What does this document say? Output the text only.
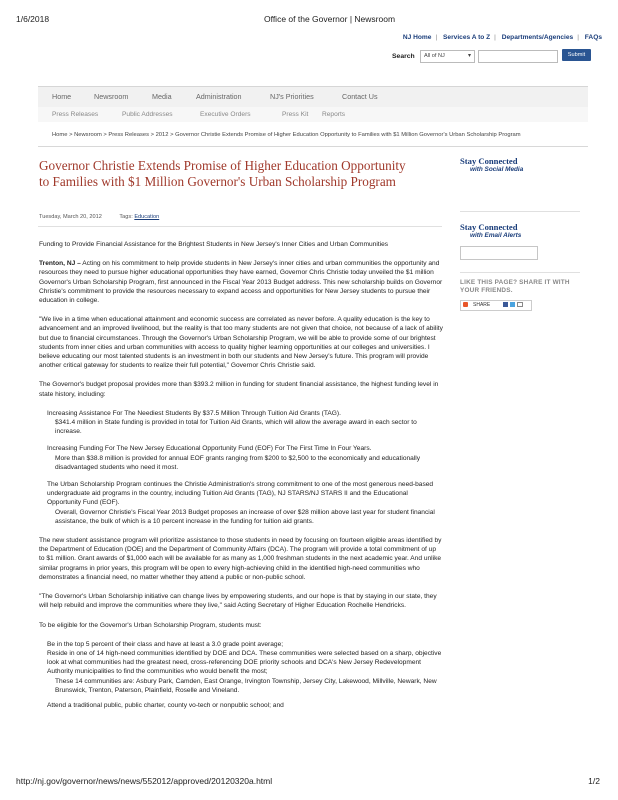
1/6/2018	Office of the Governor | Newsroom
NJ Home | Services A to Z | Departments/Agencies | FAQs
Search	All of NJ	▾	Submit
Home	Newsroom	Media	Administration	NJ's Priorities	Contact Us
Press Releases	Public Addresses	Executive Orders	Press Kit Reports
Home > Newsroom > Press Releases > 2012 > Governor Christie Extends Promise of Higher Education Opportunity to Families with $1 Million Governor's Urban Scholarship Program
Governor Christie Extends Promise of Higher Education Opportunity to Families with $1 Million Governor's Urban Scholarship Program
Tuesday, March 20, 2012	Tags: Education

Funding to Provide Financial Assistance for the Brightest Students in New Jersey's Inner Cities and Urban Communities

Trenton, NJ – Acting on his commitment to help provide students in New Jersey's inner cities and urban communities the opportunity and resources they need to pursue higher educational opportunities they have earned, Governor Chris Christie today unveiled the $1 million Governor's Urban Scholarship Program, first announced in the Fiscal Year 2013 Budget address. This new scholarship builds on Governor Christie's commitment to provide the resources necessary to expand access and opportunities for New Jersey students to pursue their education in college.

"We live in a time when educational attainment and economic success are correlated as never before. A quality education is the key to advancement and an improved livelihood, but the reality is that too many students are not given that choice, not because of a lack of ability but due to financial circumstances. Through the Governor's Urban Scholarship Program, we will be able to provide some of our brightest students from inner cities and urban communities with access to quality higher learning opportunities at our colleges and universities. I believe educating our most talented students is an investment in both our students and New Jersey's future. This program will provide another critical gateway for students to realize their full potential," Governor Chris Christie said.

The Governor's budget proposal provides more than $393.2 million in funding for student financial assistance, the highest funding level in state history, including:

Increasing Assistance For The Neediest Students By $37.5 Million Through Tuition Aid Grants (TAG).
$341.4 million in State funding is provided in total for Tuition Aid Grants, which will allow the average award in each sector to increase.
Increasing Funding For The New Jersey Educational Opportunity Fund (EOF) For The First Time In Four Years.
More than $38.8 million is provided for annual EOF grants ranging from $200 to $2,500 to the economically and educationally disadvantaged students who need it most.
The Urban Scholarship Program continues the Christie Administration's strong commitment to one of the most generous need-based undergraduate aid programs in the country, including Tuition Aid Grants (TAG), NJ STARS/NJ STARS II and the Educational Opportunity Fund (EOF).
Overall, Governor Christie's Fiscal Year 2013 Budget proposes an increase of over $28 million above last year for student financial assistance, the bulk of which is a 10 percent increase in the funding for tuition aid grants.

The new student assistance program will prioritize assistance to those students in need by focusing on fourteen eligible areas identified by the Department of Education (DOE) and the Department of Community Affairs (DCA). The program will provide a total commitment of up to $1 million. Grant awards of $1,000 each will be available for as many as 1,000 freshman students in the next academic year. And unlike similar programs in prior years, this program will be open to every high-achieving child in the identified high-need communities who demonstrates a financial need, no matter whether they attend a public or non-public school.

"The Governor's Urban Scholarship initiative can change lives by empowering students, and our hope is that by staying in our state, they will help rebuild and improve the communities where they live," said Acting Secretary of Higher Education Rochelle Hendricks.

To be eligible for the Governor's Urban Scholarship Program, students must:

Be in the top 5 percent of their class and have at least a 3.0 grade point average;
Reside in one of 14 high-need communities identified by DOE and DCA. These communities were selected based on a sharp, objective look at what communities had the greatest need, cross-referencing DOE priority schools and DCA's New Jersey Redevelopment Authority municipalities to find the communities who would benefit the most;
These 14 communities are: Asbury Park, Camden, East Orange, Irvington Township, Jersey City, Lakewood, Millville, Newark, New Brunswick, Trenton, Paterson, Plainfield, Roselle and Vineland.
Attend a traditional public, public charter, county vo-tech or nonpublic school; and
Stay Connected
with Social Media
Stay Connected
with Email Alerts
LIKE THIS PAGE? SHARE IT WITH YOUR FRIENDS.
SHARE
http://nj.gov/governor/news/news/552012/approved/20120320a.html	1/2
